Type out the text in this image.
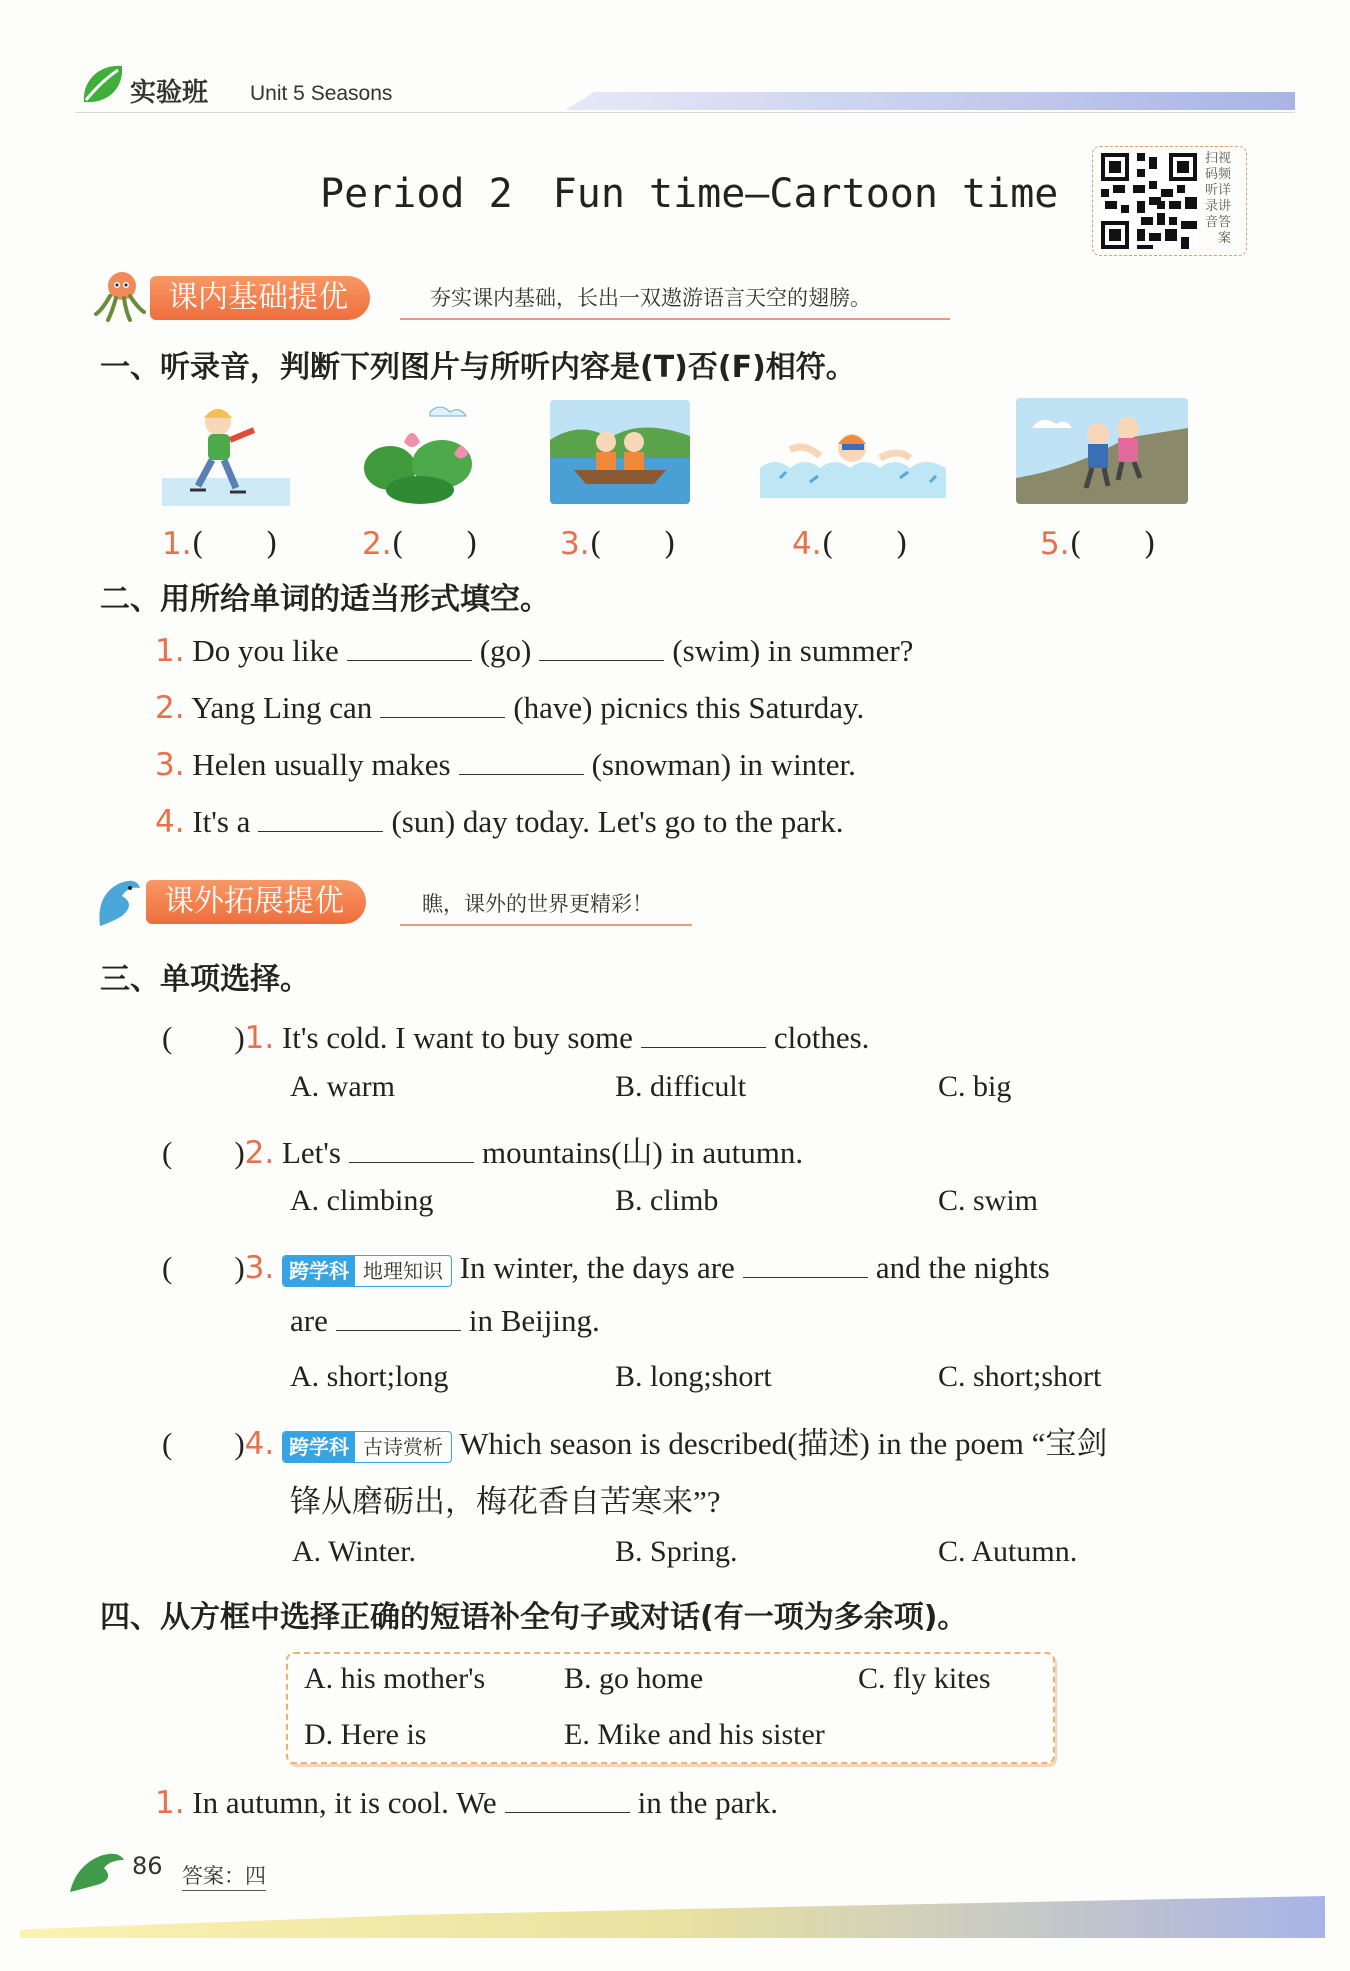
实验班 Unit 5 Seasons
Period 2　Fun time—Cartoon time
扫视
码频
听详
录讲
音答
　案
课内基础提优	夯实课内基础，长出一双遨游语言天空的翅膀。
一、听录音，判断下列图片与所听内容是(T)否(F)相符。
1.(　　)	2.(　　)	3.(　　)	4.(　　)	5.(　　)
二、用所给单词的适当形式填空。
1. Do you like	(go)	(swim) in summer?
2. Yang Ling can	(have) picnics this Saturday.
3. Helen usually makes	(snowman) in winter.
4. It's a	(sun) day today. Let's go to the park.
课外拓展提优	瞧，课外的世界更精彩！
三、单项选择。
(　　)1. It's cold. I want to buy some	clothes.
A. warm	B. difficult	C. big
(　　)2. Let's	mountains(山) in autumn.
A. climbing	B. climb	C. swim
(　　)3. 跨学科 地理知识 In winter, the days are	and the nights
are	in Beijing.
A. short;long	B. long;short	C. short;short
(　　)4. 跨学科 古诗赏析 Which season is described(描述) in the poem “宝剑
锋从磨砺出，梅花香自苦寒来”?
A. Winter.	B. Spring.	C. Autumn.
四、从方框中选择正确的短语补全句子或对话(有一项为多余项)。
A. his mother's	B. go home	C. fly kites
D. Here is	E. Mike and his sister
1. In autumn, it is cool. We	in the park.
86 答案：四
